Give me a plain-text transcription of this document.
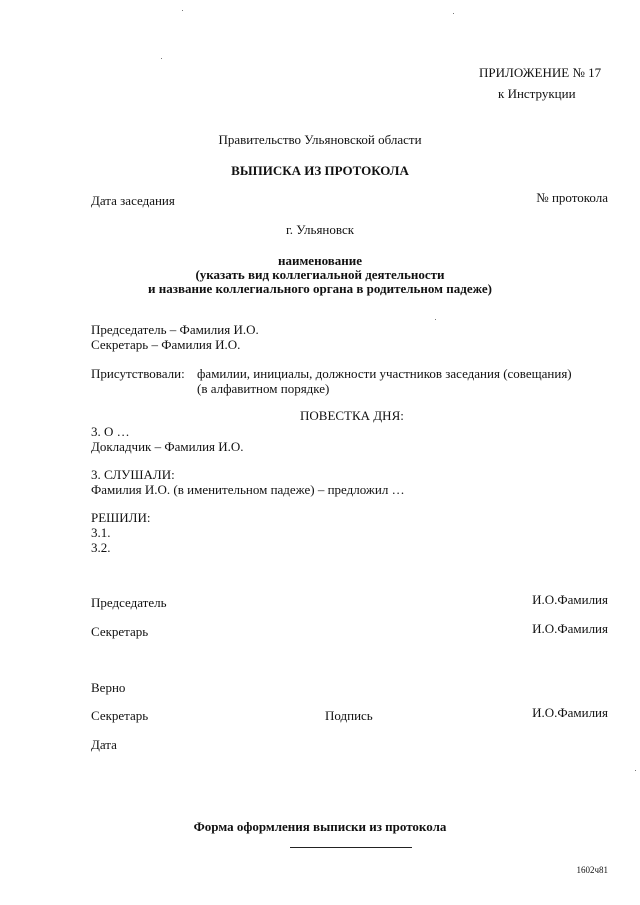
ПРИЛОЖЕНИЕ № 17
к Инструкции
Правительство Ульяновской области
ВЫПИСКА ИЗ ПРОТОКОЛА
Дата заседания	№ протокола
г. Ульяновск
наименование
(указать вид коллегиальной деятельности
и название коллегиального органа в родительном падеже)
Председатель – Фамилия И.О.
Секретарь – Фамилия И.О.
Присутствовали: фамилии, инициалы, должности участников заседания (совещания)
(в алфавитном порядке)
ПОВЕСТКА ДНЯ:
3. О …
Докладчик – Фамилия И.О.
3. СЛУШАЛИ:
Фамилия И.О. (в именительном падеже) – предложил …
РЕШИЛИ:
3.1.
3.2.
Председатель	И.О.Фамилия
Секретарь	И.О.Фамилия
Верно
Секретарь	Подпись	И.О.Фамилия
Дата
Форма оформления выписки из протокола
1602ч81
